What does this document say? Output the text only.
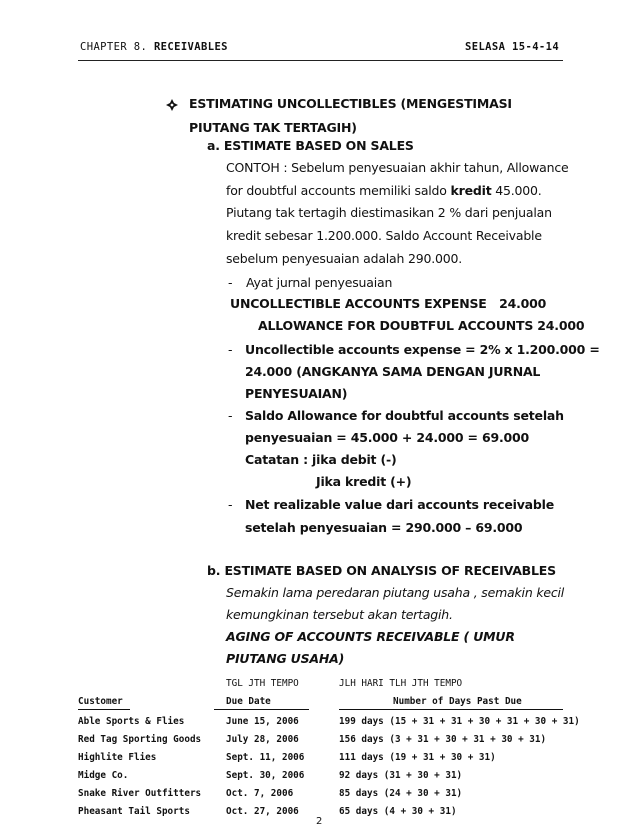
CHAPTER 8. RECEIVABLES	SELASA 15-4-14
ESTIMATING UNCOLLECTIBLES (MENGESTIMASI
PIUTANG TAK TERTAGIH)
a. ESTIMATE BASED ON SALES
CONTOH : Sebelum penyesuaian akhir tahun, Allowance
for doubtful accounts memiliki saldo kredit 45.000.
Piutang tak tertagih diestimasikan 2 % dari penjualan
kredit sebesar 1.200.000. Saldo Account Receivable
sebelum penyesuaian adalah 290.000.
- Ayat jurnal penyesuaian
UNCOLLECTIBLE ACCOUNTS EXPENSE   24.000
ALLOWANCE FOR DOUBTFUL ACCOUNTS 24.000
- Uncollectible accounts expense = 2% x 1.200.000 =
24.000 (ANGKANYA SAMA DENGAN JURNAL
PENYESUAIAN)
- Saldo Allowance for doubtful accounts setelah
penyesuaian = 45.000 + 24.000 = 69.000
Catatan : jika debit (-)
Jika kredit (+)
- Net realizable value dari accounts receivable
setelah penyesuaian = 290.000 – 69.000
b. ESTIMATE BASED ON ANALYSIS OF RECEIVABLES
Semakin lama peredaran piutang usaha , semakin kecil
kemungkinan tersebut akan tertagih.
AGING OF ACCOUNTS RECEIVABLE ( UMUR
PIUTANG USAHA)
TGL JTH TEMPO	JLH HARI TLH JTH TEMPO
Customer	Due Date	Number of Days Past Due
Able Sports & Flies	June 15, 2006	199 days (15 + 31 + 31 + 30 + 31 + 30 + 31)
Red Tag Sporting Goods	July 28, 2006	156 days (3 + 31 + 30 + 31 + 30 + 31)
Highlite Flies	Sept. 11, 2006	111 days (19 + 31 + 30 + 31)
Midge Co.	Sept. 30, 2006	92 days (31 + 30 + 31)
Snake River Outfitters	Oct. 7, 2006	85 days (24 + 30 + 31)
Pheasant Tail Sports	Oct. 27, 2006	65 days (4 + 30 + 31)
2
